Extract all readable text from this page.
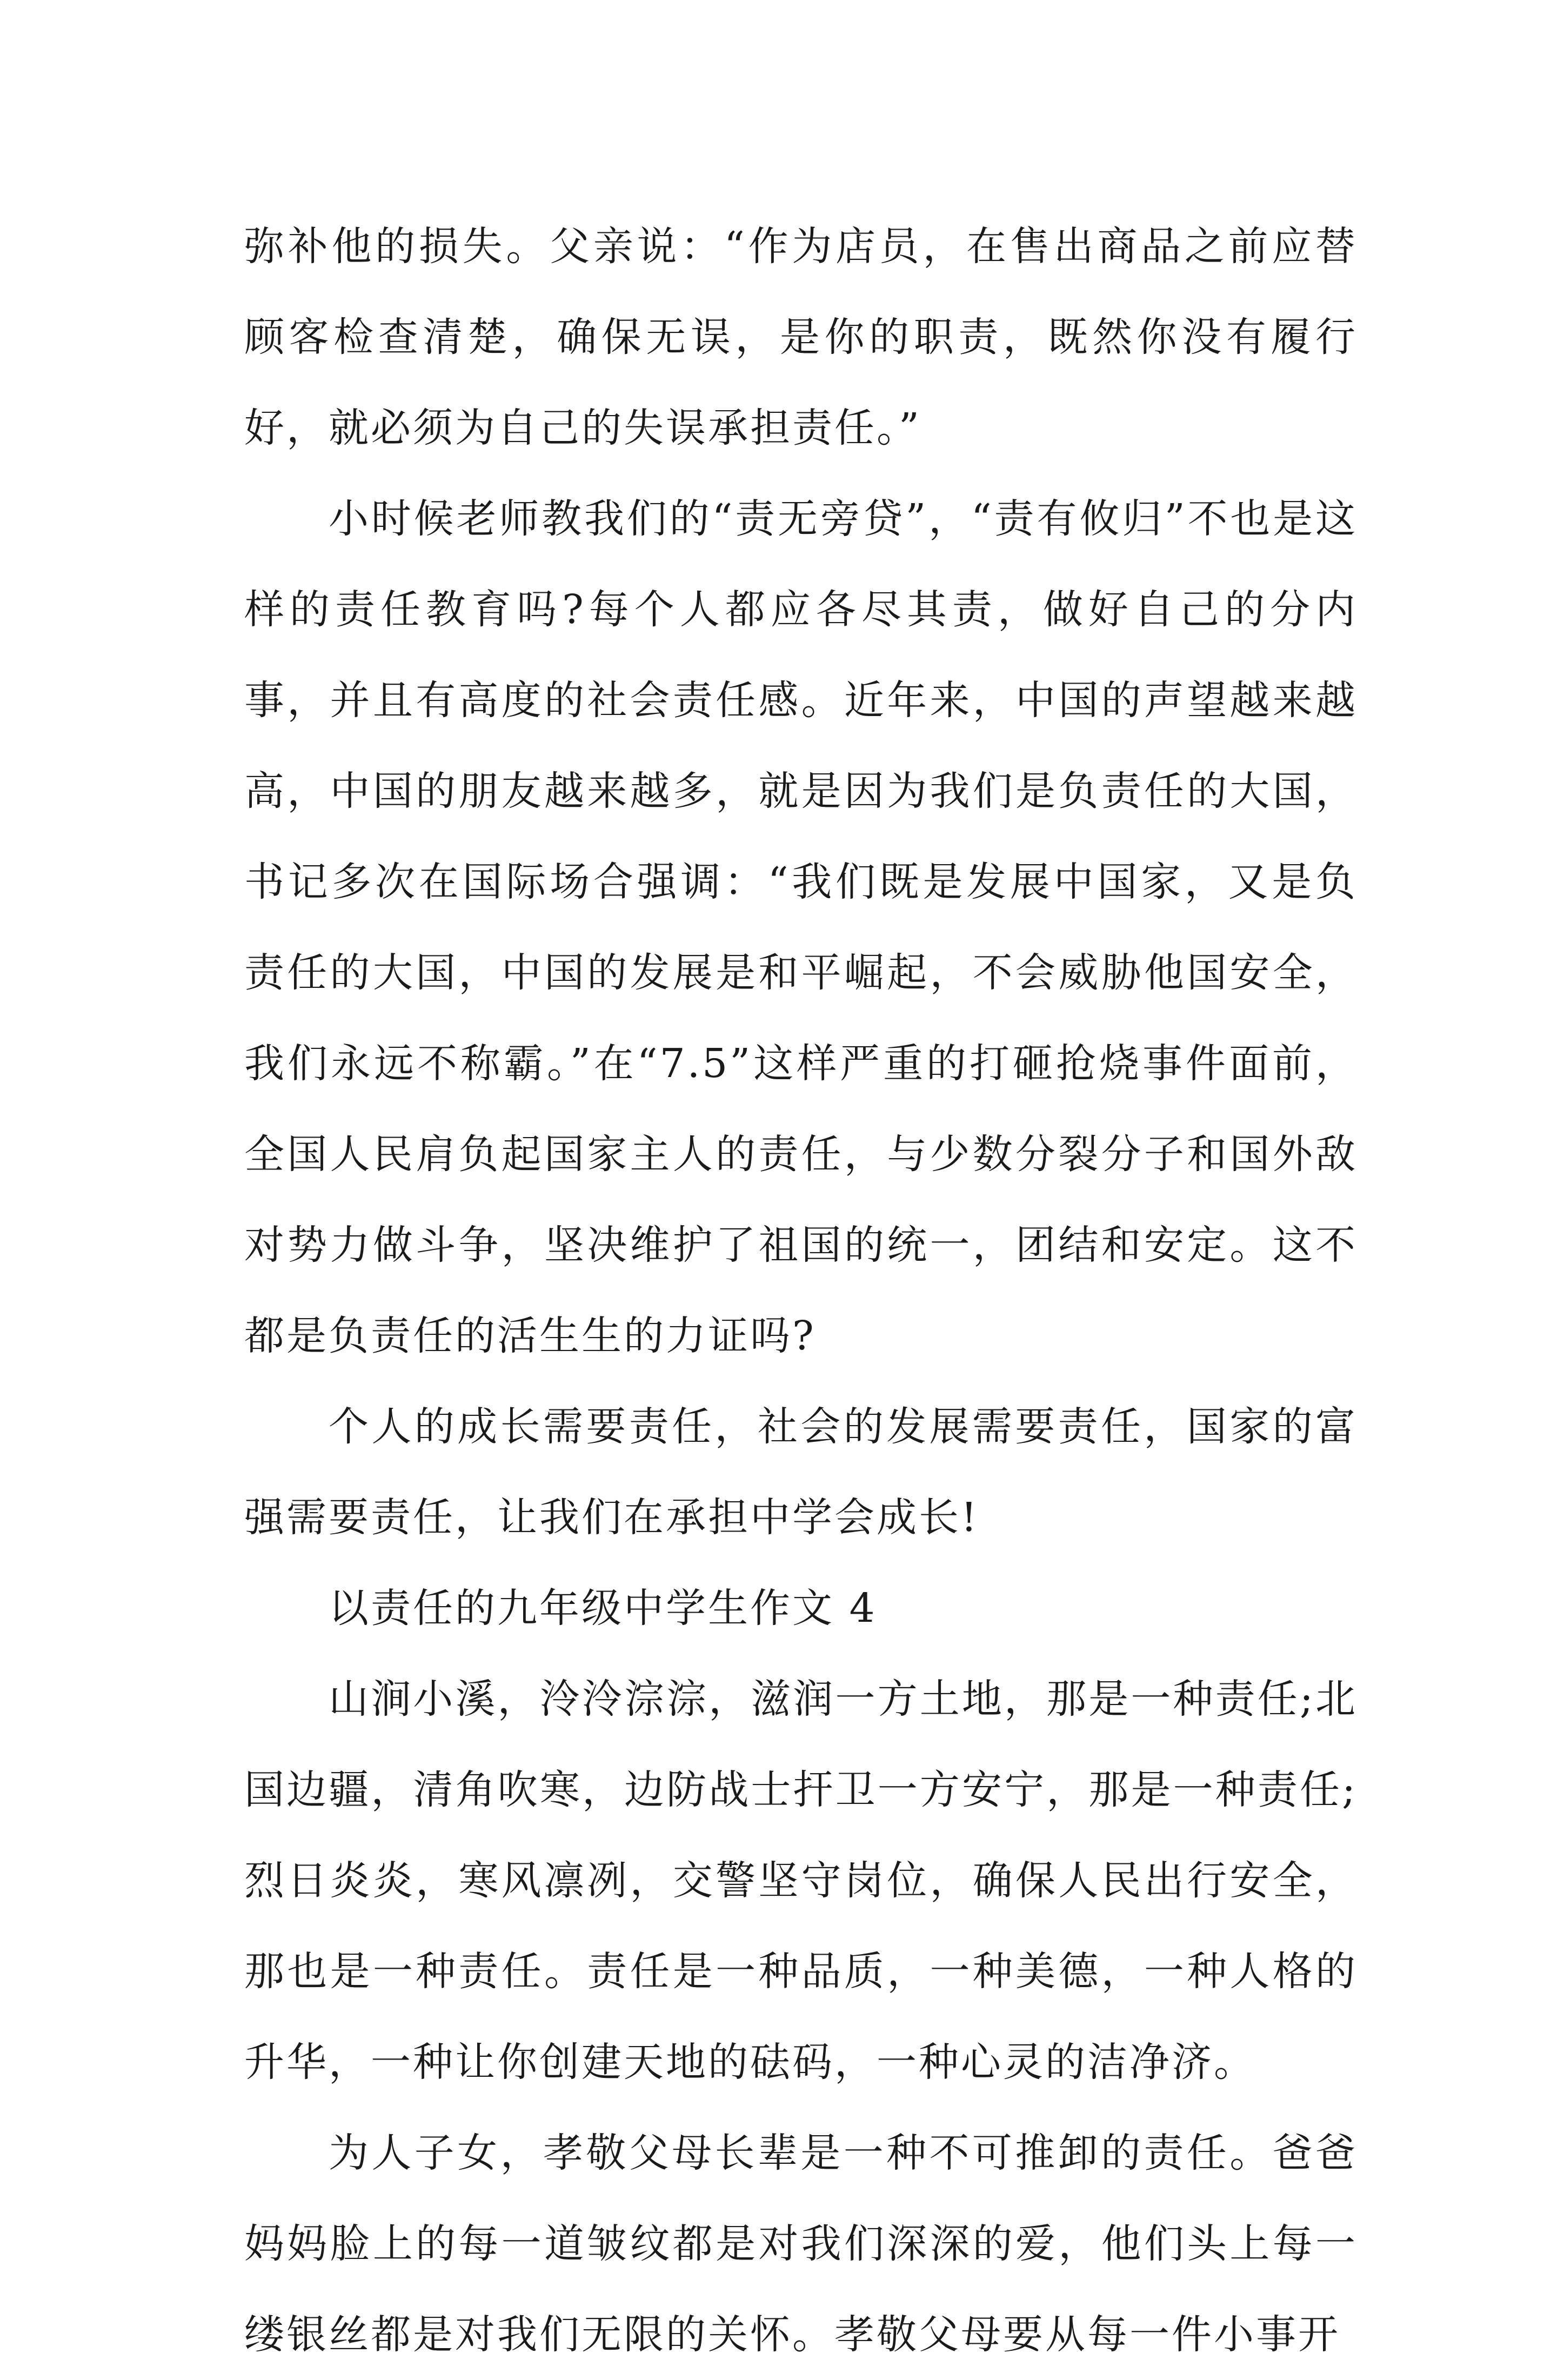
弥补他的损失。父亲说：“作为店员，在售出商品之前应替顾客检查清楚，确保无误，是你的职责，既然你没有履行好，就必须为自己的失误承担责任。”

小时候老师教我们的“责无旁贷”，“责有攸归”不也是这样的责任教育吗?每个人都应各尽其责，做好自己的分内事，并且有高度的社会责任感。近年来，中国的声望越来越高，中国的朋友越来越多，就是因为我们是负责任的大国，书记多次在国际场合强调：“我们既是发展中国家，又是负责任的大国，中国的发展是和平崛起，不会威胁他国安全，我们永远不称霸。”在“7.5”这样严重的打砸抢烧事件面前，全国人民肩负起国家主人的责任，与少数分裂分子和国外敌对势力做斗争，坚决维护了祖国的统一，团结和安定。这不都是负责任的活生生的力证吗?

个人的成长需要责任，社会的发展需要责任，国家的富强需要责任，让我们在承担中学会成长!

以责任的九年级中学生作文 4

山涧小溪，泠泠淙淙，滋润一方土地，那是一种责任;北国边疆，清角吹寒，边防战士扞卫一方安宁，那是一种责任;烈日炎炎，寒风凛冽，交警坚守岗位，确保人民出行安全，那也是一种责任。责任是一种品质，一种美德，一种人格的升华，一种让你创建天地的砝码，一种心灵的洁净济。

为人子女，孝敬父母长辈是一种不可推卸的责任。爸爸妈妈脸上的每一道皱纹都是对我们深深的爱，他们头上每一缕银丝都是对我们无限的关怀。孝敬父母要从每一件小事开
